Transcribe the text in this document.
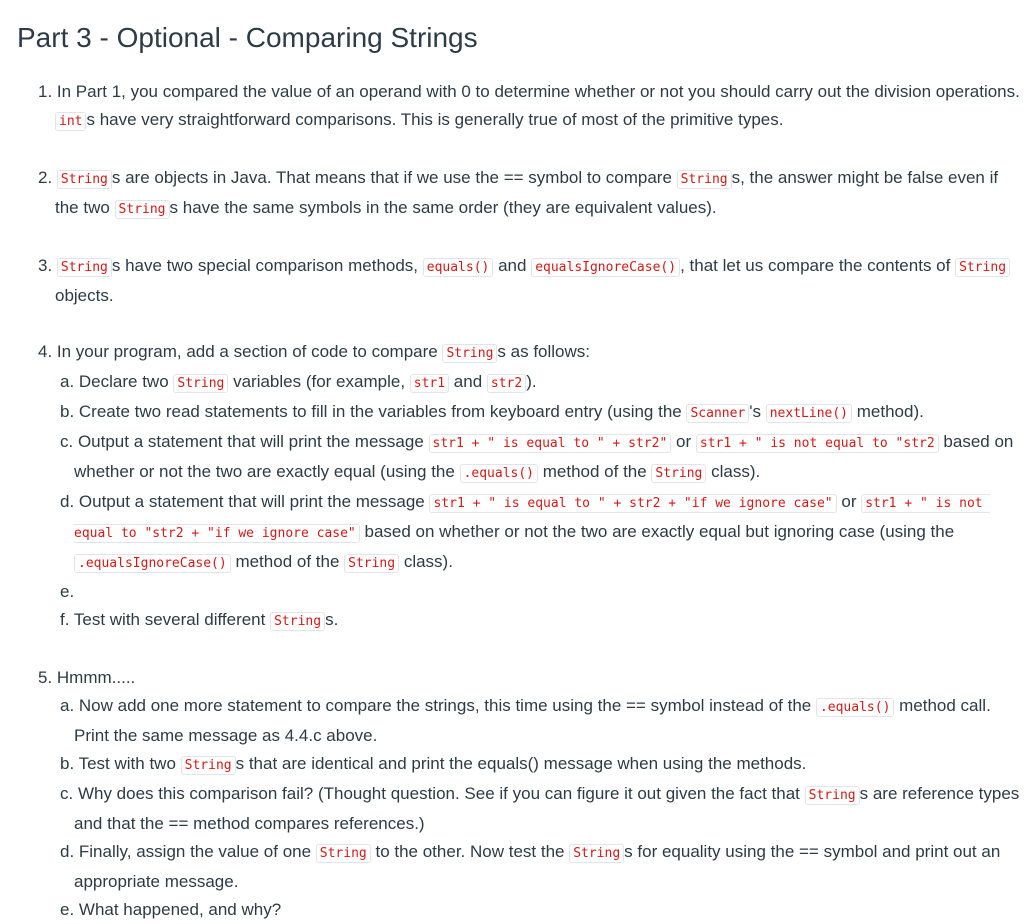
Part 3 - Optional - Comparing Strings
1. In Part 1, you compared the value of an operand with 0 to determine whether or not you should carry out the division operations. int s have very straightforward comparisons. This is generally true of most of the primitive types.
2. String s are objects in Java. That means that if we use the == symbol to compare String s, the answer might be false even if the two String s have the same symbols in the same order (they are equivalent values).
3. String s have two special comparison methods, equals() and equalsIgnoreCase() , that let us compare the contents of String objects.
4. In your program, add a section of code to compare String s as follows:
a. Declare two String variables (for example, str1 and str2 ).
b. Create two read statements to fill in the variables from keyboard entry (using the Scanner 's nextLine() method).
c. Output a statement that will print the message str1 + " is equal to " + str2" or str1 + " is not equal to "str2 based on whether or not the two are exactly equal (using the .equals() method of the String class).
d. Output a statement that will print the message str1 + " is equal to " + str2 + "if we ignore case" or str1 + " is not equal to "str2 + "if we ignore case" based on whether or not the two are exactly equal but ignoring case (using the .equalsIgnoreCase() method of the String class).
e.
f. Test with several different String s.
5. Hmmm.....
a. Now add one more statement to compare the strings, this time using the == symbol instead of the .equals() method call. Print the same message as 4.4.c above.
b. Test with two String s that are identical and print the equals() message when using the methods.
c. Why does this comparison fail? (Thought question. See if you can figure it out given the fact that String s are reference types and that the == method compares references.)
d. Finally, assign the value of one String to the other. Now test the String s for equality using the == symbol and print out an appropriate message.
e. What happened, and why?
